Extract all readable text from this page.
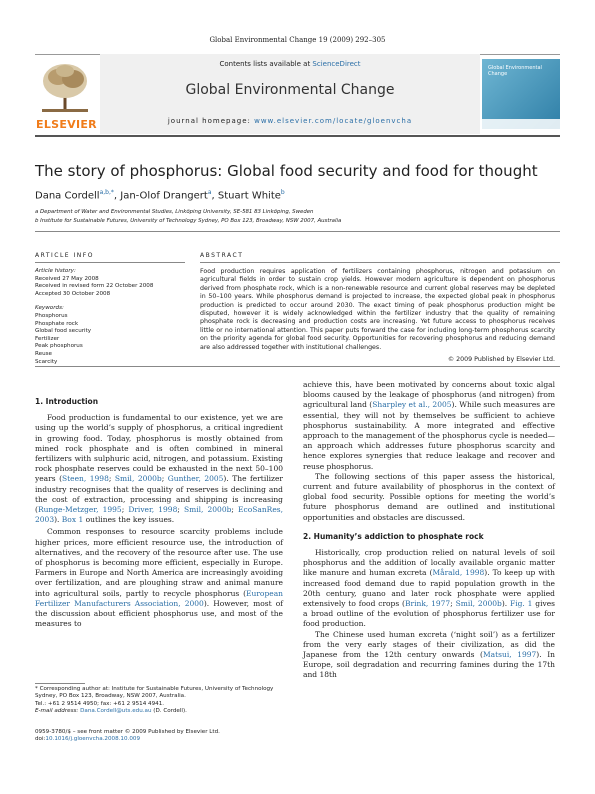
Global Environmental Change 19 (2009) 292–305
ELSEVIER
Contents lists available at ScienceDirect
Global Environmental Change
journal homepage: www.elsevier.com/locate/gloenvcha
Global Environmental Change
The story of phosphorus: Global food security and food for thought
Dana Cordell$^{a,b,*}$, Jan-Olof Drangert$^a$, Stuart White$^b$
a Department of Water and Environmental Studies, Linköping University, SE-581 83 Linköping, Sweden
b Institute for Sustainable Futures, University of Technology Sydney, PO Box 123, Broadway, NSW 2007, Australia
ARTICLE INFO	ABSTRACT
Article history:
Received 27 May 2008
Received in revised form 22 October 2008
Accepted 30 October 2008
Keywords:
Phosphorus
Phosphate rock
Global food security
Fertilizer
Peak phosphorus
Reuse
Scarcity
Food production requires application of fertilizers containing phosphorus, nitrogen and potassium on agricultural fields in order to sustain crop yields. However modern agriculture is dependent on phosphorus derived from phosphate rock, which is a non-renewable resource and current global reserves may be depleted in 50–100 years. While phosphorus demand is projected to increase, the expected global peak in phosphorus production is predicted to occur around 2030. The exact timing of peak phosphorus production might be disputed, however it is widely acknowledged within the fertilizer industry that the quality of remaining phosphate rock is decreasing and production costs are increasing. Yet future access to phosphorus receives little or no international attention. This paper puts forward the case for including long-term phosphorus scarcity on the priority agenda for global food security. Opportunities for recovering phosphorus and reducing demand are also addressed together with institutional challenges.
© 2009 Published by Elsevier Ltd.
1. Introduction

Food production is fundamental to our existence, yet we are using up the world’s supply of phosphorus, a critical ingredient in growing food. Today, phosphorus is mostly obtained from mined rock phosphate and is often combined in mineral fertilizers with sulphuric acid, nitrogen, and potassium. Existing rock phosphate reserves could be exhausted in the next 50–100 years (Steen, 1998; Smil, 2000b; Gunther, 2005). The fertilizer industry recognises that the quality of reserves is declining and the cost of extraction, processing and shipping is increasing (Runge-Metzger, 1995; Driver, 1998; Smil, 2000b; EcoSanRes, 2003). Box 1 outlines the key issues.

Common responses to resource scarcity problems include higher prices, more efficient resource use, the introduction of alternatives, and the recovery of the resource after use. The use of phosphorus is becoming more efficient, especially in Europe. Farmers in Europe and North America are increasingly avoiding over fertilization, and are ploughing straw and animal manure into agricultural soils, partly to recycle phosphorus (European Fertilizer Manufacturers Association, 2000). However, most of the discussion about efficient phosphorus use, and most of the measures to

* Corresponding author at: Institute for Sustainable Futures, University of Technology Sydney, PO Box 123, Broadway, NSW 2007, Australia.
Tel.: +61 2 9514 4950; fax: +61 2 9514 4941.
E-mail address: Dana.Cordell@uts.edu.au (D. Cordell).
0959-3780/$ – see front matter © 2009 Published by Elsevier Ltd.
doi:10.1016/j.gloenvcha.2008.10.009

achieve this, have been motivated by concerns about toxic algal blooms caused by the leakage of phosphorus (and nitrogen) from agricultural land (Sharpley et al., 2005). While such measures are essential, they will not by themselves be sufficient to achieve phosphorus sustainability. A more integrated and effective approach to the management of the phosphorus cycle is needed—an approach which addresses future phosphorus scarcity and hence explores synergies that reduce leakage and recover and reuse phosphorus.

The following sections of this paper assess the historical, current and future availability of phosphorus in the context of global food security. Possible options for meeting the world’s future phosphorus demand are outlined and institutional opportunities and obstacles are discussed.

2. Humanity’s addiction to phosphate rock

Historically, crop production relied on natural levels of soil phosphorus and the addition of locally available organic matter like manure and human excreta (Mårald, 1998). To keep up with increased food demand due to rapid population growth in the 20th century, guano and later rock phosphate were applied extensively to food crops (Brink, 1977; Smil, 2000b). Fig. 1 gives a broad outline of the evolution of phosphorus fertilizer use for food production.

The Chinese used human excreta (‘night soil’) as a fertilizer from the very early stages of their civilization, as did the Japanese from the 12th century onwards (Matsui, 1997). In Europe, soil degradation and recurring famines during the 17th and 18th
